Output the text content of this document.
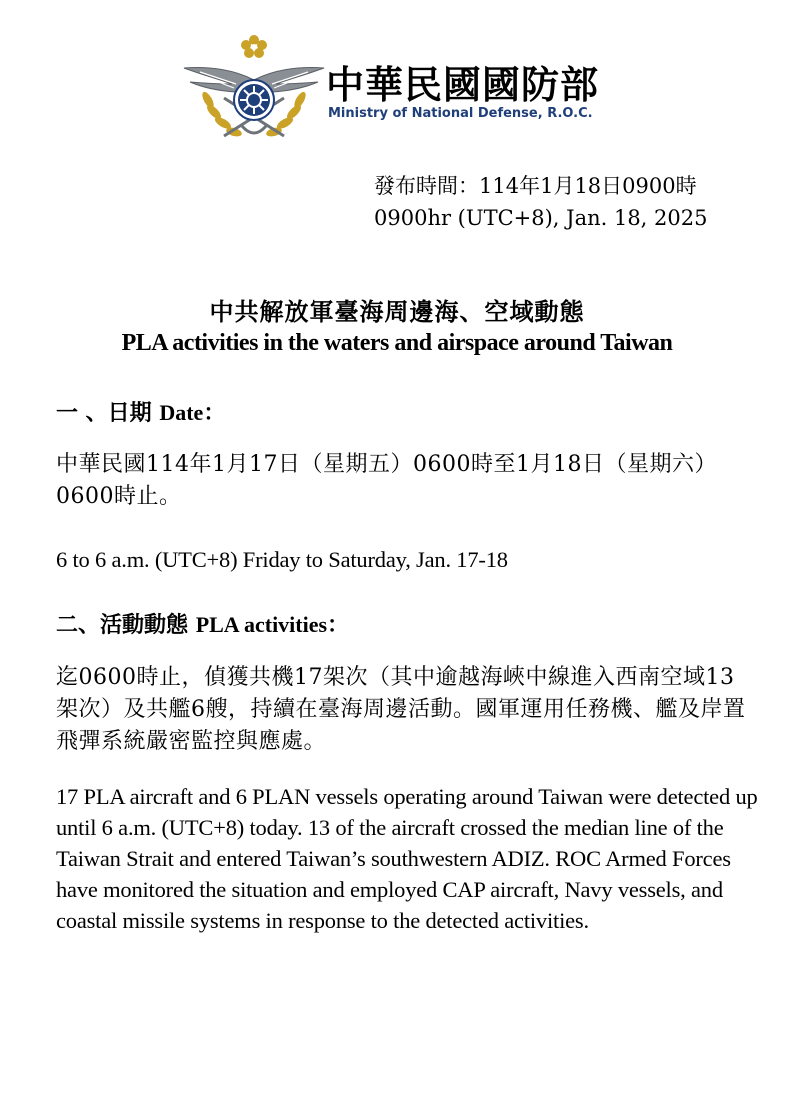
中華民國國防部
Ministry of National Defense, R.O.C.
發布時間：114年1月18日0900時
0900hr (UTC+8), Jan. 18, 2025
中共解放軍臺海周邊海、空域動態
PLA activities in the waters and airspace around Taiwan
一 、日期 Date：
中華民國114年1月17日（星期五）0600時至1月18日（星期六）0600時止。
6 to 6 a.m. (UTC+8) Friday to Saturday, Jan. 17-18
二、活動動態 PLA activities：
迄0600時止，偵獲共機17架次（其中逾越海峽中線進入西南空域13架次）及共艦6艘，持續在臺海周邊活動。國軍運用任務機、艦及岸置飛彈系統嚴密監控與應處。
17 PLA aircraft and 6 PLAN vessels operating around Taiwan were detected up until 6 a.m. (UTC+8) today. 13 of the aircraft crossed the median line of the Taiwan Strait and entered Taiwan’s southwestern ADIZ. ROC Armed Forces have monitored the situation and employed CAP aircraft, Navy vessels, and coastal missile systems in response to the detected activities.
